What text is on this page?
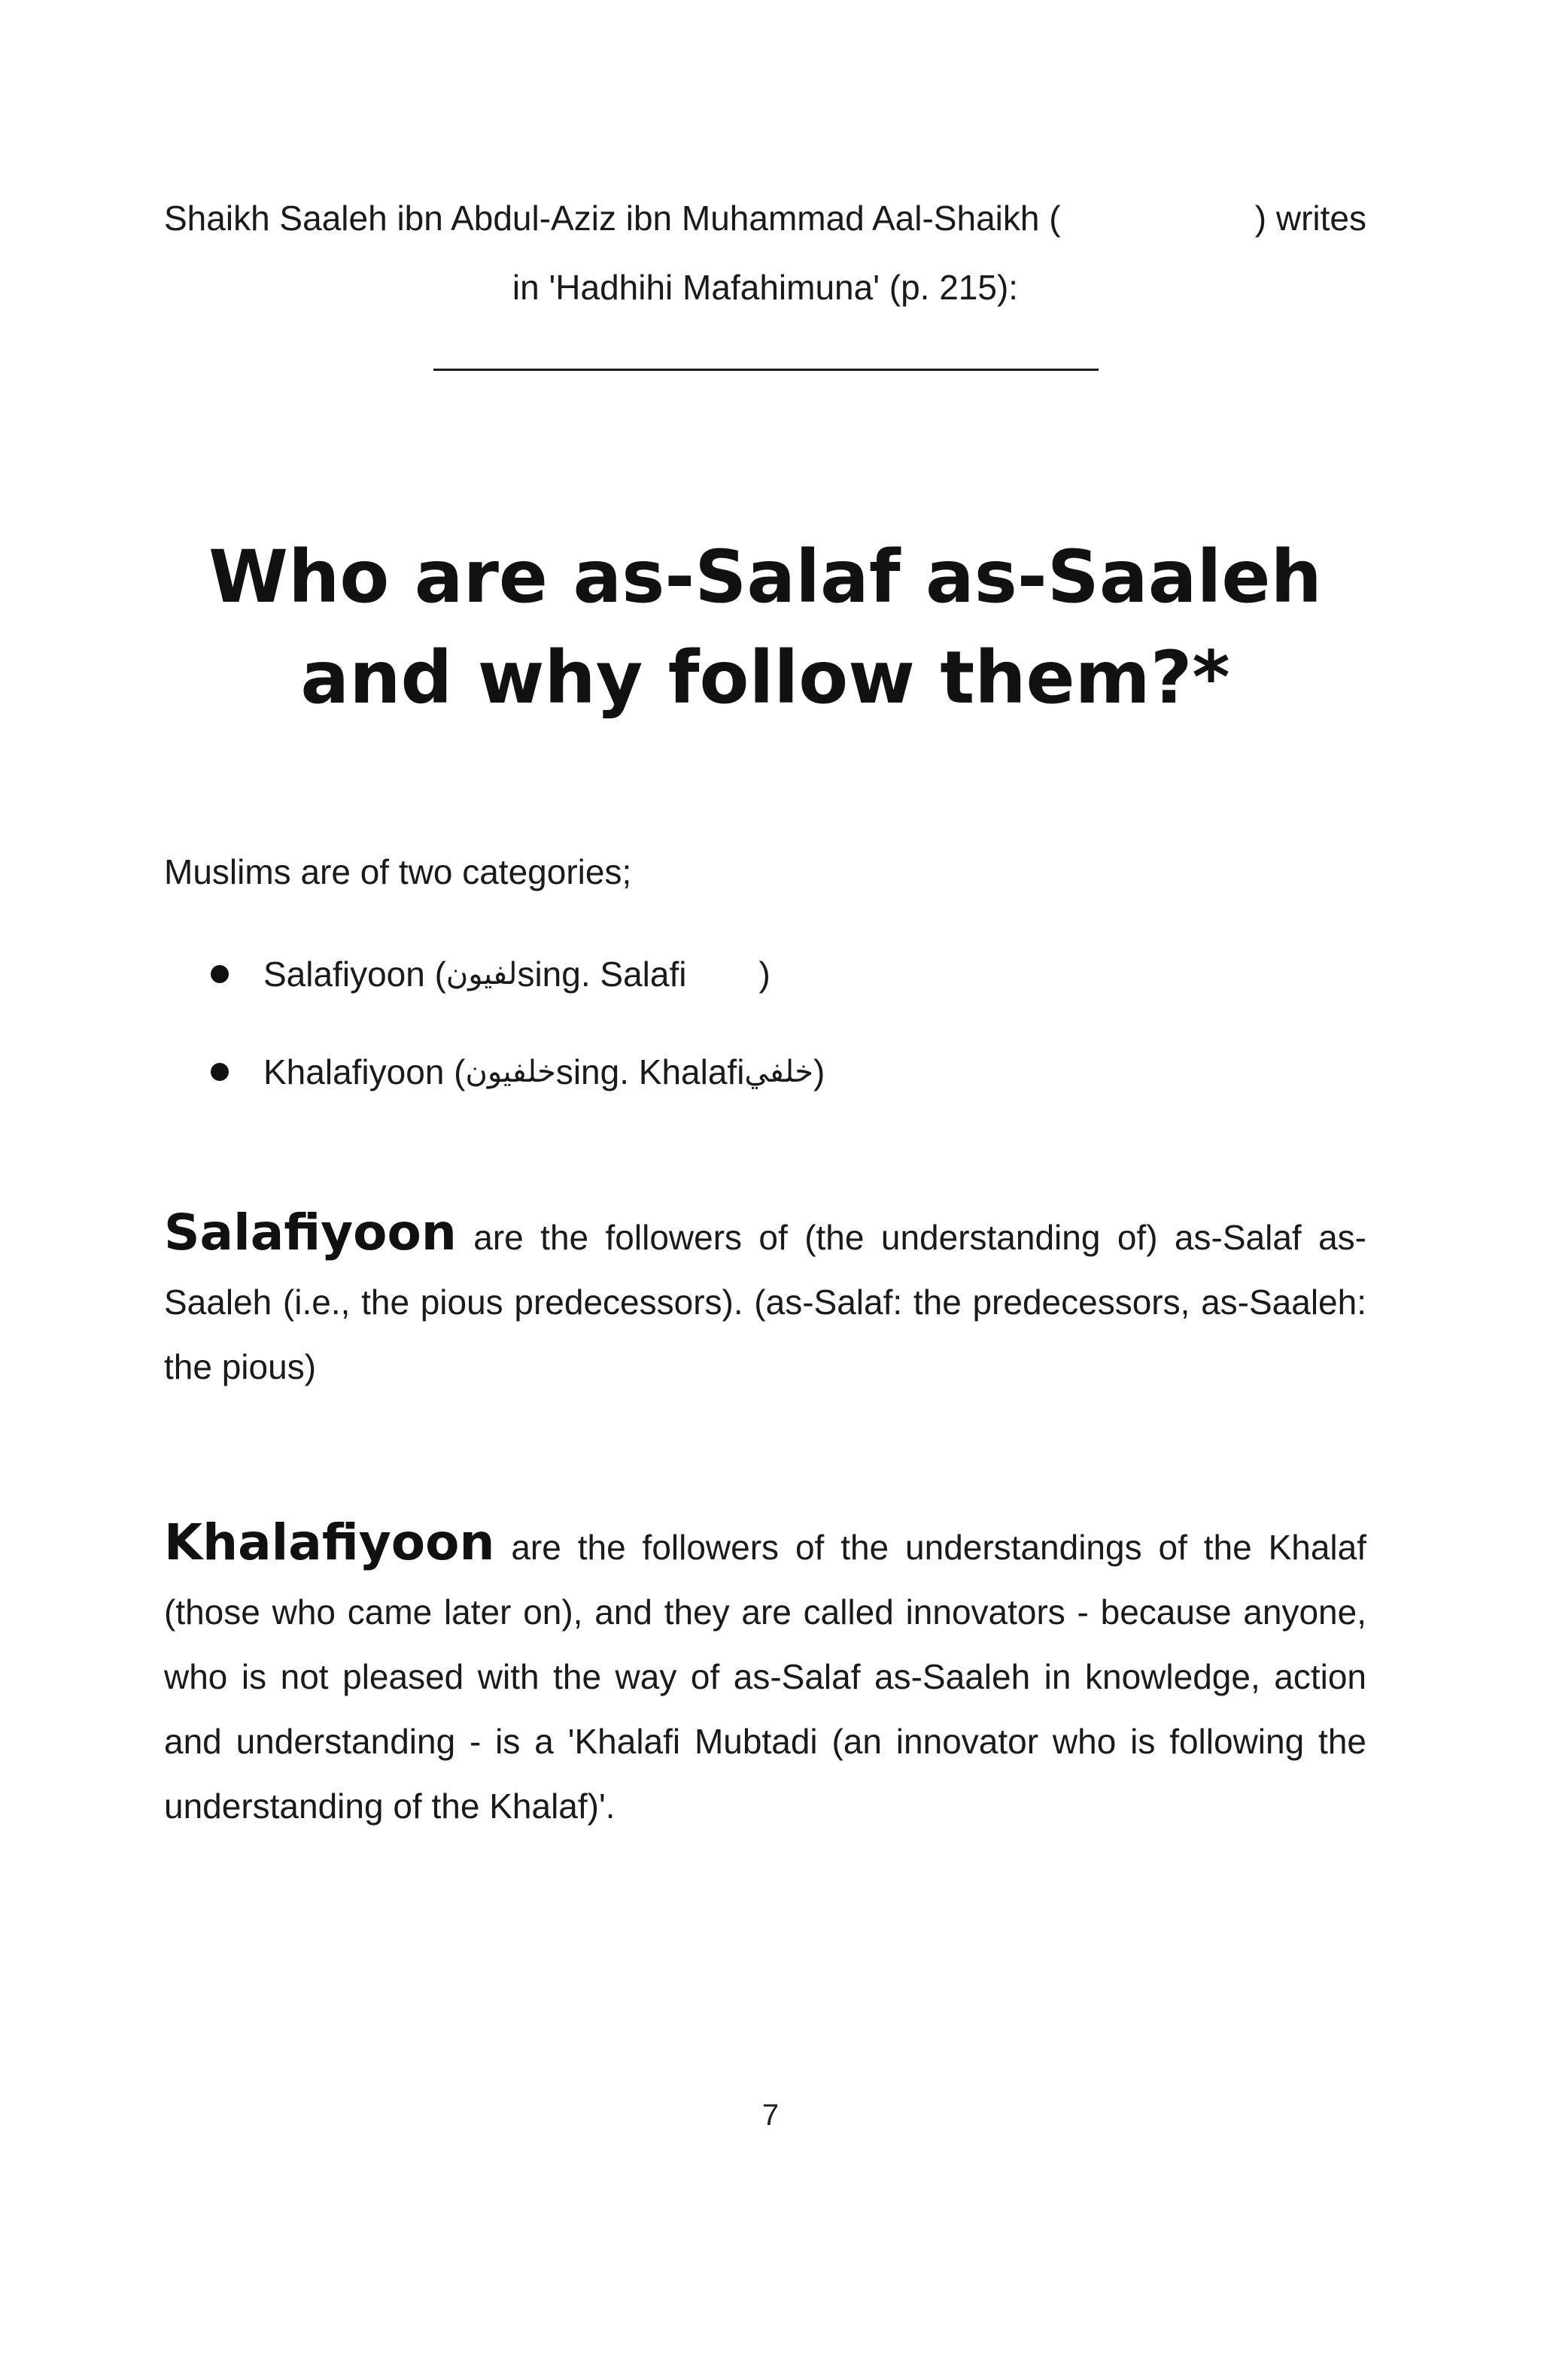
Shaikh Saaleh ibn Abdul-Aziz ibn Muhammad Aal-Shaikh (	) writes
in 'Hadhihi Mafahimuna' (p. 215):
Who are as-Salaf as-Saaleh
and why follow them?*
Muslims are of two categories;
Salafiyoon ( لفيون sing. Salafi )
Khalafiyoon ( خلفيون sing. Khalafi خلفي )
Salafiyoon are the followers of (the understanding of) as-Salaf as-Saaleh (i.e., the pious predecessors). (as-Salaf: the predecessors, as-Saaleh: the pious)
Khalafiyoon are the followers of the understandings of the Khalaf (those who came later on), and they are called innovators - because anyone, who is not pleased with the way of as-Salaf as-Saaleh in knowledge, action and understanding - is a 'Khalafi Mubtadi (an innovator who is following the understanding of the Khalaf)'.
7
